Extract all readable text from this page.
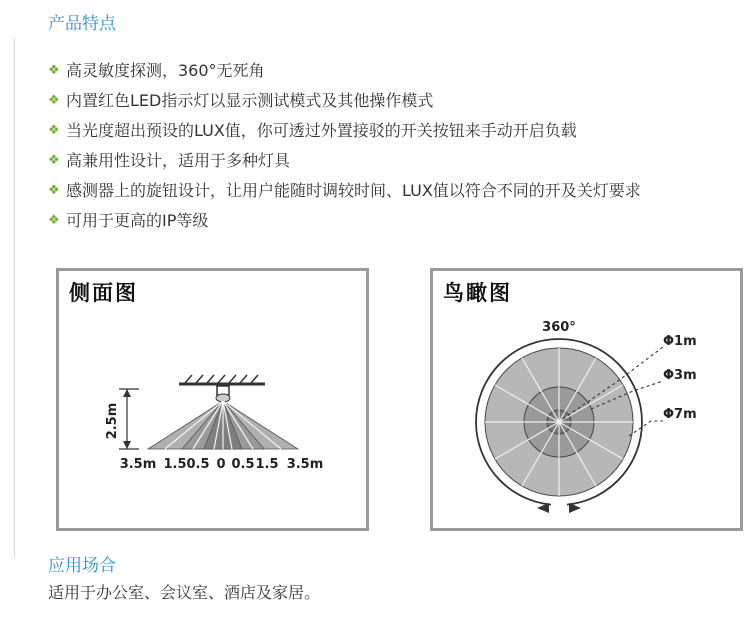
产品特点
❖ 高灵敏度探测，360°无死角
❖ 内置红色LED指示灯以显示测试模式及其他操作模式
❖ 当光度超出预设的LUX值，你可透过外置接驳的开关按钮来手动开启负载
❖ 高兼用性设计，适用于多种灯具
❖ 感测器上的旋钮设计，让用户能随时调较时间、LUX值以符合不同的开及关灯要求
❖ 可用于更高的IP等级
2.5m
3.5m 1.5 0.5 0 0.5 1.5 3.5m
侧面图
360°
Φ1m
Φ3m
Φ7m
鸟瞰图
应用场合
适用于办公室、会议室、酒店及家居。
